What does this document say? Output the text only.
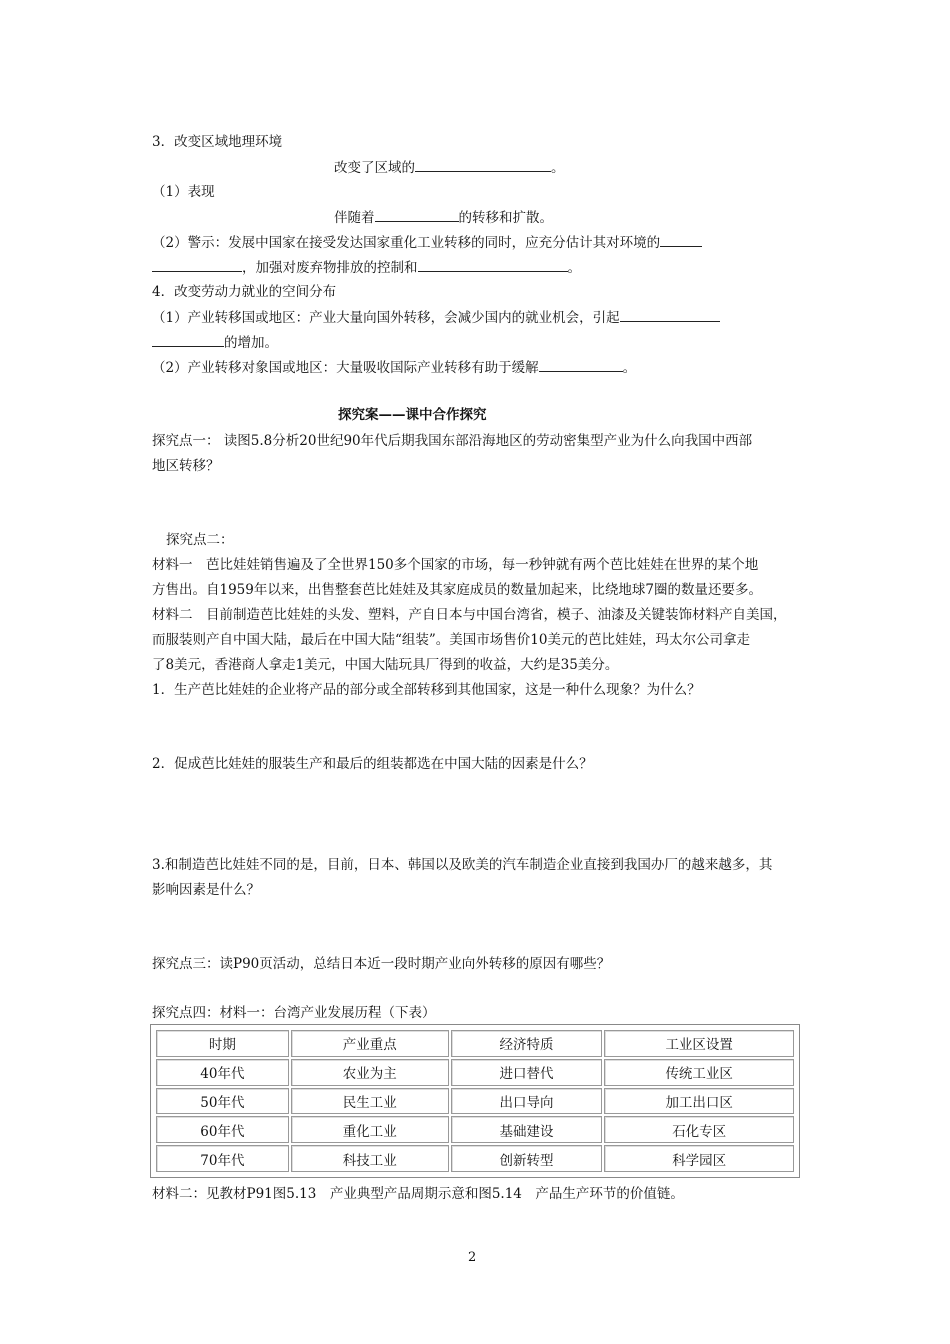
3．改变区域地理环境
改变了区域的	。
（1）表现
伴随着	的转移和扩散。
（2）警示：发展中国家在接受发达国家重化工业转移的同时，应充分估计其对环境的
，加强对废弃物排放的控制和	。
4．改变劳动力就业的空间分布
（1）产业转移国或地区：产业大量向国外转移，会减少国内的就业机会，引起
的增加。
（2）产业转移对象国或地区：大量吸收国际产业转移有助于缓解	。
探究案——课中合作探究
探究点一： 读图5.8分析20世纪90年代后期我国东部沿海地区的劳动密集型产业为什么向我国中西部
地区转移？
探究点二：
材料一　芭比娃娃销售遍及了全世界150多个国家的市场，每一秒钟就有两个芭比娃娃在世界的某个地
方售出。自1959年以来，出售整套芭比娃娃及其家庭成员的数量加起来，比绕地球7圈的数量还要多。
材料二　目前制造芭比娃娃的头发、塑料，产自日本与中国台湾省，模子、油漆及关键装饰材料产自美国，
而服装则产自中国大陆，最后在中国大陆“组装”。美国市场售价10美元的芭比娃娃，玛太尔公司拿走
了8美元，香港商人拿走1美元，中国大陆玩具厂得到的收益，大约是35美分。
1．生产芭比娃娃的企业将产品的部分或全部转移到其他国家，这是一种什么现象？为什么？
2．促成芭比娃娃的服装生产和最后的组装都选在中国大陆的因素是什么？
3.和制造芭比娃娃不同的是，目前，日本、韩国以及欧美的汽车制造企业直接到我国办厂的越来越多，其
影响因素是什么？
探究点三：读P90页活动，总结日本近一段时期产业向外转移的原因有哪些？
探究点四：材料一：台湾产业发展历程（下表）
时期	产业重点	经济特质	工业区设置
40年代	农业为主	进口替代	传统工业区
50年代	民生工业	出口导向	加工出口区
60年代	重化工业	基础建设	石化专区
70年代	科技工业	创新转型	科学园区
材料二：见教材P91图5.13　产业典型产品周期示意和图5.14　产品生产环节的价值链。
2
